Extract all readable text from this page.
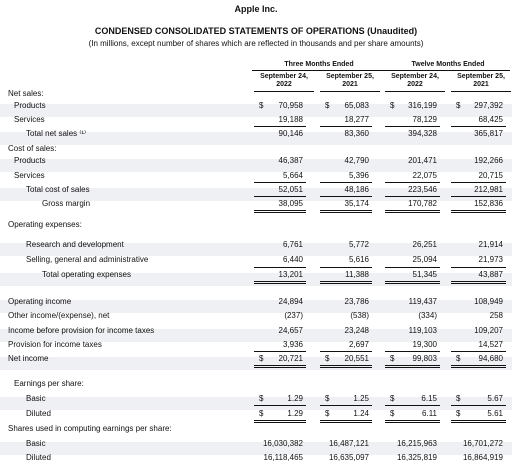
Apple Inc.
CONDENSED CONSOLIDATED STATEMENTS OF OPERATIONS (Unaudited)
(In millions, except number of shares which are reflected in thousands and per share amounts)
Three Months Ended	Twelve Months Ended
September 24,
2022
September 25,
2021
September 24,
2022
September 25,
2021
Net sales:
Products	$	70,958	$	65,083	$	316,199 $	297,392
Services	19,188	18,277	78,129	68,425
Total net sales ⁽¹⁾	90,146	83,360	394,328	365,817
Cost of sales:
Products	46,387	42,790	201,471	192,266
Services	5,664	5,396	22,075	20,715
Total cost of sales	52,051	48,186	223,546	212,981
Gross margin	38,095	35,174	170,782	152,836
Operating expenses:
Research and development	6,761	5,772	26,251	21,914
Selling, general and administrative	6,440	5,616	25,094	21,973
Total operating expenses	13,201	11,388	51,345	43,887
Operating income	24,894	23,786	119,437	108,949
Other income/(expense), net	(237)	(538)	(334)	258
Income before provision for income taxes	24,657	23,248	119,103	109,207
Provision for income taxes	3,936	2,697	19,300	14,527
Net income	$	20,721	$	20,551	$	99,803 $	94,680
Earnings per share:
Basic	$	1.29	$	1.25	$	6.15 $	5.67
Diluted	$	1.29	$	1.24	$	6.11 $	5.61
Shares used in computing earnings per share:
Basic	16,030,382	16,487,121	16,215,963	16,701,272
Diluted	16,118,465	16,635,097	16,325,819	16,864,919
